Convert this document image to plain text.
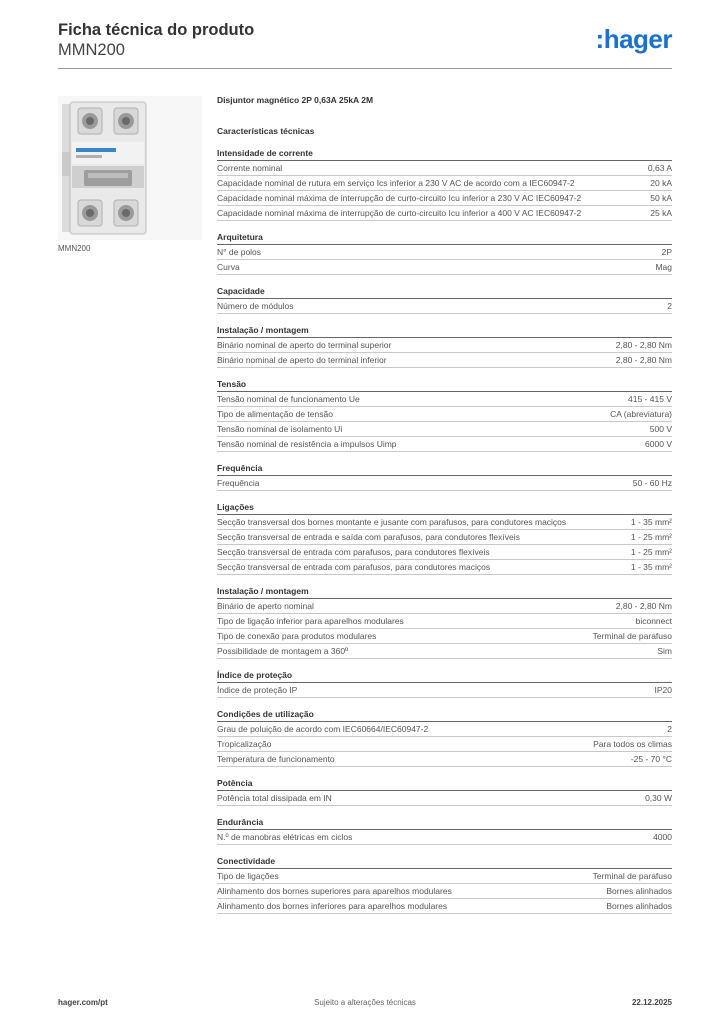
Ficha técnica do produto
MMN200	:hager
MMN200
Disjuntor magnético 2P 0,63A 25kA 2M
Características técnicas
Intensidade de corrente
Corrente nominal	0,63 A
Capacidade nominal de rutura em serviço Ics inferior a 230 V AC de acordo com a IEC60947-2	20 kA
Capacidade nominal máxima de interrupção de curto-circuito Icu inferior a 230 V AC IEC60947-2	50 kA
Capacidade nominal máxima de interrupção de curto-circuito Icu inferior a 400 V AC IEC60947-2	25 kA
Arquitetura
N° de polos	2P
Curva	Mag
Capacidade
Número de módulos	2
Instalação / montagem
Binário nominal de aperto do terminal superior	2,80 - 2,80 Nm
Binário nominal de aperto do terminal inferior	2,80 - 2,80 Nm
Tensão
Tensão nominal de funcionamento Ue	415 - 415 V
Tipo de alimentação de tensão	CA (abreviatura)
Tensão nominal de isolamento Ui	500 V
Tensão nominal de resistência a impulsos Uimp	6000 V
Frequência
Frequência	50 - 60 Hz
Ligações
Secção transversal dos bornes montante e jusante com parafusos, para condutores maciços	1 - 35 mm²
Secção transversal de entrada e saída com parafusos, para condutores flexíveis	1 - 25 mm²
Secção transversal de entrada com parafusos, para condutores flexíveis	1 - 25 mm²
Secção transversal de entrada com parafusos, para condutores maciços	1 - 35 mm²
Instalação / montagem
Binário de aperto nominal	2,80 - 2,80 Nm
Tipo de ligação inferior para aparelhos modulares	biconnect
Tipo de conexão para produtos modulares	Terminal de parafuso
Possibilidade de montagem a 360º	Sim
Índice de proteção
Índice de proteção IP	IP20
Condições de utilização
Grau de poluição de acordo com IEC60664/IEC60947-2	2
Tropicalização	Para todos os climas
Temperatura de funcionamento	-25 - 70 °C
Potência
Potência total dissipada em IN	0,30 W
Endurância
N.º de manobras elétricas em ciclos	4000
Conectividade
Tipo de ligações	Terminal de parafuso
Alinhamento dos bornes superiores para aparelhos modulares	Bornes alinhados
Alinhamento dos bornes inferiores para aparelhos modulares	Bornes alinhados
hager.com/pt	Sujeito a alterações técnicas	22.12.2025
